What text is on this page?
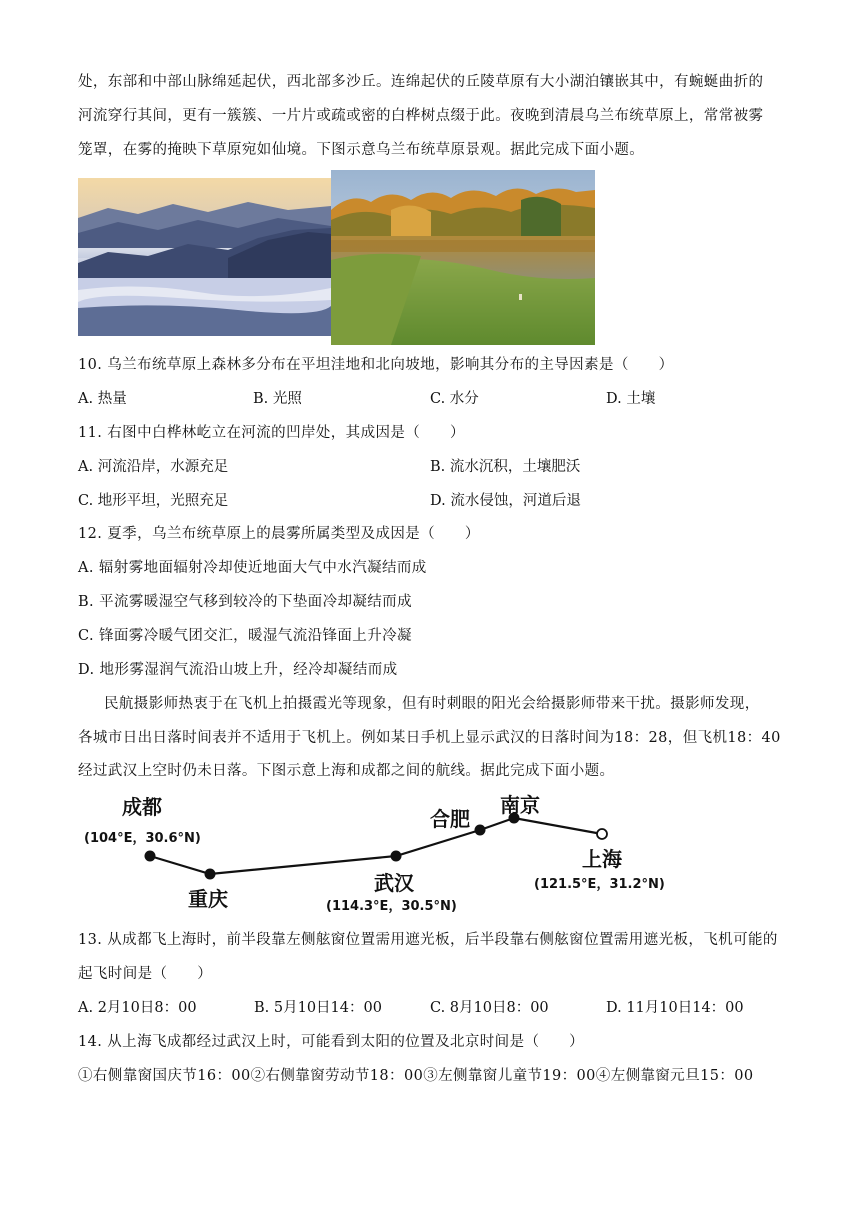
处，东部和中部山脉绵延起伏，西北部多沙丘。连绵起伏的丘陵草原有大小湖泊镶嵌其中，有蜿蜒曲折的
河流穿行其间，更有一簇簇、一片片或疏或密的白桦树点缀于此。夜晚到清晨乌兰布统草原上，常常被雾
笼罩，在雾的掩映下草原宛如仙境。下图示意乌兰布统草原景观。据此完成下面小题。
10. 乌兰布统草原上森林多分布在平坦洼地和北向坡地，影响其分布的主导因素是（　　）
A. 热量	B. 光照	C. 水分	D. 土壤
11. 右图中白桦林屹立在河流的凹岸处，其成因是（　　）
A. 河流沿岸，水源充足	B. 流水沉积，土壤肥沃
C. 地形平坦，光照充足	D. 流水侵蚀，河道后退
12. 夏季，乌兰布统草原上的晨雾所属类型及成因是（　　）
A. 辐射雾地面辐射冷却使近地面大气中水汽凝结而成
B. 平流雾暖湿空气移到较冷的下垫面冷却凝结而成
C. 锋面雾冷暖气团交汇，暖湿气流沿锋面上升冷凝
D. 地形雾湿润气流沿山坡上升，经冷却凝结而成
民航摄影师热衷于在飞机上拍摄霞光等现象，但有时刺眼的阳光会给摄影师带来干扰。摄影师发现，
各城市日出日落时间表并不适用于飞机上。例如某日手机上显示武汉的日落时间为18：28，但飞机18：40
经过武汉上空时仍未日落。下图示意上海和成都之间的航线。据此完成下面小题。
成都
(104°E，30.6°N)
重庆
武汉
(114.3°E，30.5°N)
合肥
南京
上海
(121.5°E，31.2°N)
13. 从成都飞上海时，前半段靠左侧舷窗位置需用遮光板，后半段靠右侧舷窗位置需用遮光板，飞机可能的
起飞时间是（　　）
A. 2月10日8：00	B. 5月10日14：00	C. 8月10日8：00	D. 11月10日14：00
14. 从上海飞成都经过武汉上时，可能看到太阳的位置及北京时间是（　　）
①右侧靠窗国庆节16：00②右侧靠窗劳动节18：00③左侧靠窗儿童节19：00④左侧靠窗元旦15：00
